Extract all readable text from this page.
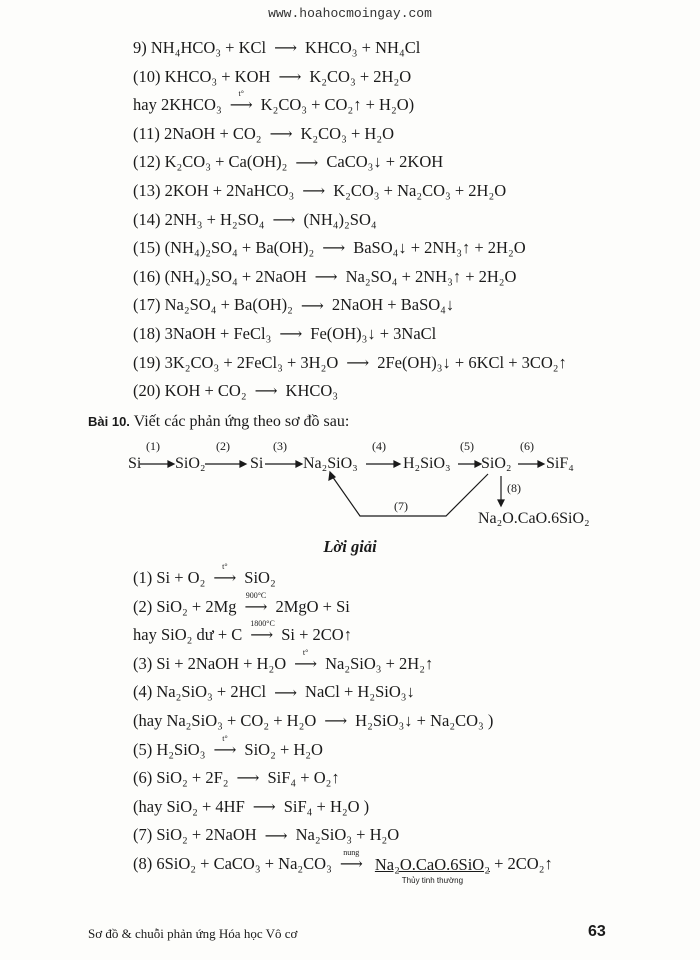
www.hoahocmoingay.com
9) NH₄HCO₃ + KCl ⟶ KHCO₃ + NH₄Cl
(10) KHCO₃ + KOH ⟶ K₂CO₃ + 2H₂O
hay 2KHCO₃
t°
⟶ K₂CO₃ + CO₂↑ + H₂O)
(11) 2NaOH + CO₂ ⟶ K₂CO₃ + H₂O
(12) K₂CO₃ + Ca(OH)₂ ⟶ CaCO₃↓ + 2KOH
(13) 2KOH + 2NaHCO₃ ⟶ K₂CO₃ + Na₂CO₃ + 2H₂O
(14) 2NH₃ + H₂SO₄ ⟶ (NH₄)₂SO₄
(15) (NH₄)₂SO₄ + Ba(OH)₂ ⟶ BaSO₄↓ + 2NH₃↑ + 2H₂O
(16) (NH₄)₂SO₄ + 2NaOH ⟶ Na₂SO₄ + 2NH₃↑ + 2H₂O
(17) Na₂SO₄ + Ba(OH)₂ ⟶ 2NaOH + BaSO₄↓
(18) 3NaOH + FeCl₃ ⟶ Fe(OH)₃↓ + 3NaCl
(19) 3K₂CO₃ + 2FeCl₃ + 3H₂O ⟶ 2Fe(OH)₃↓ + 6KCl + 3CO₂↑
(20) KOH + CO₂ ⟶ KHCO₃
Bài 10. Viết các phản ứng theo sơ đồ sau:
Si
(1)
SiO₂
(2)
Si
(3)
Na₂SiO₃
(4)
H₂SiO₃
(5)
SiO₂
(6)
SiF₄
(7)
(8)
Na₂O.CaO.6SiO₂
Lời giải
(1) Si + O₂
t°
⟶ SiO₂
(2) SiO₂ + 2Mg
900°C
⟶ 2MgO + Si
hay SiO₂ dư + C
1800°C
⟶ Si + 2CO↑
(3) Si + 2NaOH + H₂O
t°
⟶ Na₂SiO₃ + 2H₂↑
(4) Na₂SiO₃ + 2HCl ⟶ NaCl + H₂SiO₃↓
(hay Na₂SiO₃ + CO₂ + H₂O ⟶ H₂SiO₃↓ + Na₂CO₃ )
(5) H₂SiO₃
t°
⟶ SiO₂ + H₂O
(6) SiO₂ + 2F₂ ⟶ SiF₄ + O₂↑
(hay SiO₂ + 4HF ⟶ SiF₄ + H₂O )
(7) SiO₂ + 2NaOH ⟶ Na₂SiO₃ + H₂O
(8) 6SiO₂ + CaCO₃ + Na₂CO₃
nung
⟶ Na₂O.CaO.6SiO₂
Thủy tinh thường
+ 2CO₂↑
Sơ đồ & chuỗi phản ứng Hóa học Vô cơ	63
